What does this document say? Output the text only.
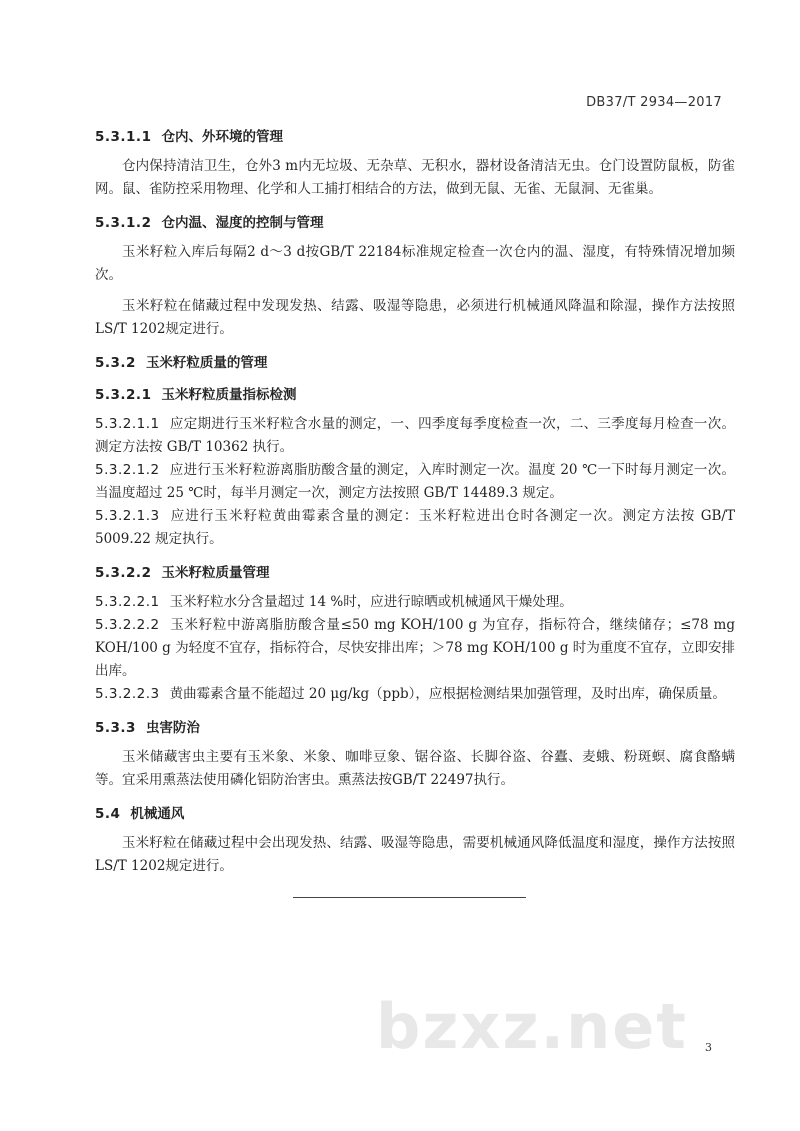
DB37/T 2934—2017

5.3.1.1 仓内、外环境的管理

仓内保持清洁卫生，仓外3 m内无垃圾、无杂草、无积水，器材设备清洁无虫。仓门设置防鼠板，防雀网。鼠、雀防控采用物理、化学和人工捕打相结合的方法，做到无鼠、无雀、无鼠洞、无雀巢。

5.3.1.2 仓内温、湿度的控制与管理

玉米籽粒入库后每隔2 d～3 d按GB/T 22184标准规定检查一次仓内的温、湿度，有特殊情况增加频次。

玉米籽粒在储藏过程中发现发热、结露、吸湿等隐患，必须进行机械通风降温和除湿，操作方法按照LS/T 1202规定进行。

5.3.2 玉米籽粒质量的管理

5.3.2.1 玉米籽粒质量指标检测

5.3.2.1.1 应定期进行玉米籽粒含水量的测定，一、四季度每季度检查一次，二、三季度每月检查一次。测定方法按 GB/T 10362 执行。

5.3.2.1.2 应进行玉米籽粒游离脂肪酸含量的测定，入库时测定一次。温度 20 ℃一下时每月测定一次。当温度超过 25 ℃时，每半月测定一次，测定方法按照 GB/T 14489.3 规定。

5.3.2.1.3 应进行玉米籽粒黄曲霉素含量的测定：玉米籽粒进出仓时各测定一次。测定方法按 GB/T 5009.22 规定执行。

5.3.2.2 玉米籽粒质量管理

5.3.2.2.1 玉米籽粒水分含量超过 14 %时，应进行晾晒或机械通风干燥处理。

5.3.2.2.2 玉米籽粒中游离脂肪酸含量≤50 mg KOH/100 g 为宜存，指标符合，继续储存；≤78 mg KOH/100 g 为轻度不宜存，指标符合，尽快安排出库；＞78 mg KOH/100 g 时为重度不宜存，立即安排出库。

5.3.2.2.3 黄曲霉素含量不能超过 20 μg/kg（ppb），应根据检测结果加强管理，及时出库，确保质量。

5.3.3 虫害防治

玉米储藏害虫主要有玉米象、米象、咖啡豆象、锯谷盗、长脚谷盗、谷蠹、麦蛾、粉斑螟、腐食酪螨等。宜采用熏蒸法使用磷化铝防治害虫。熏蒸法按GB/T 22497执行。

5.4 机械通风

玉米籽粒在储藏过程中会出现发热、结露、吸湿等隐患，需要机械通风降低温度和湿度，操作方法按照LS/T 1202规定进行。

bzxz.net 3
